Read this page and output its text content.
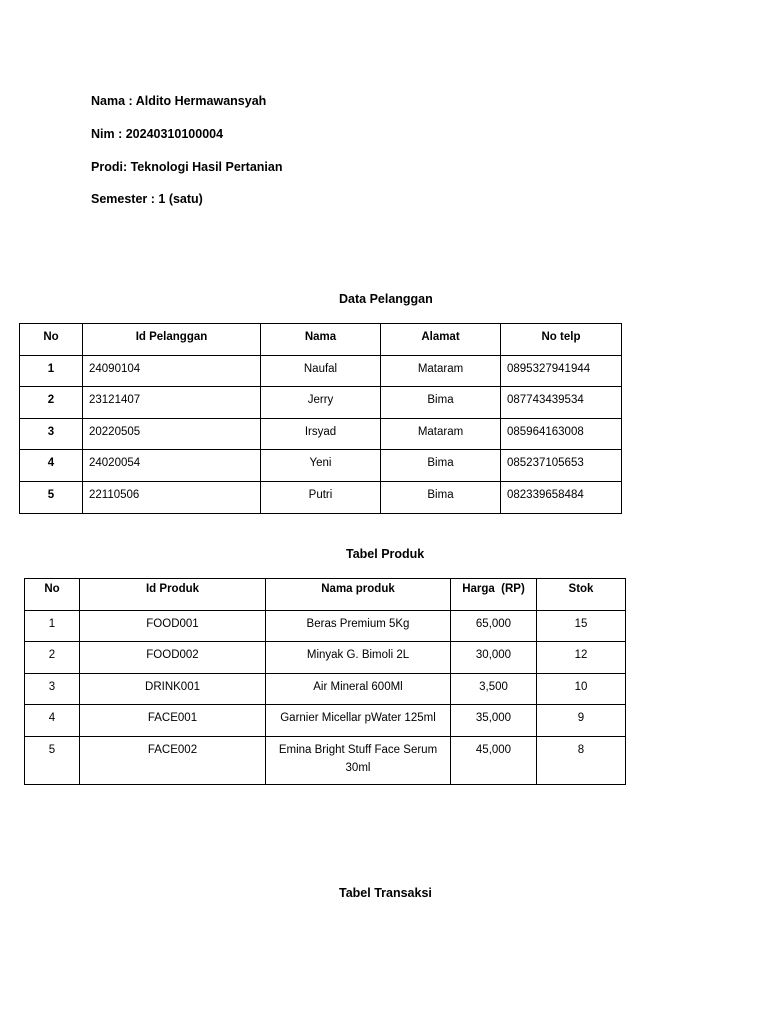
Nama : Aldito Hermawansyah
Nim : 20240310100004
Prodi: Teknologi Hasil Pertanian
Semester : 1 (satu)
Data Pelanggan
No	Id Pelanggan	Nama	Alamat	No telp
1	24090104	Naufal	Mataram	0895327941944
2	23121407	Jerry	Bima	087743439534
3	20220505	Irsyad	Mataram	085964163008
4	24020054	Yeni	Bima	085237105653
5	22110506	Putri	Bima	082339658484
Tabel Produk
No	Id Produk	Nama produk	Harga  (RP)	Stok
1	FOOD001	Beras Premium 5Kg	65,000	15
2	FOOD002	Minyak G. Bimoli 2L	30,000	12
3	DRINK001	Air Mineral 600Ml	3,500	10
4	FACE001	Garnier Micellar pWater 125ml	35,000	9
5	FACE002	Emina Bright Stuff Face Serum 30ml	45,000	8
Tabel Transaksi
